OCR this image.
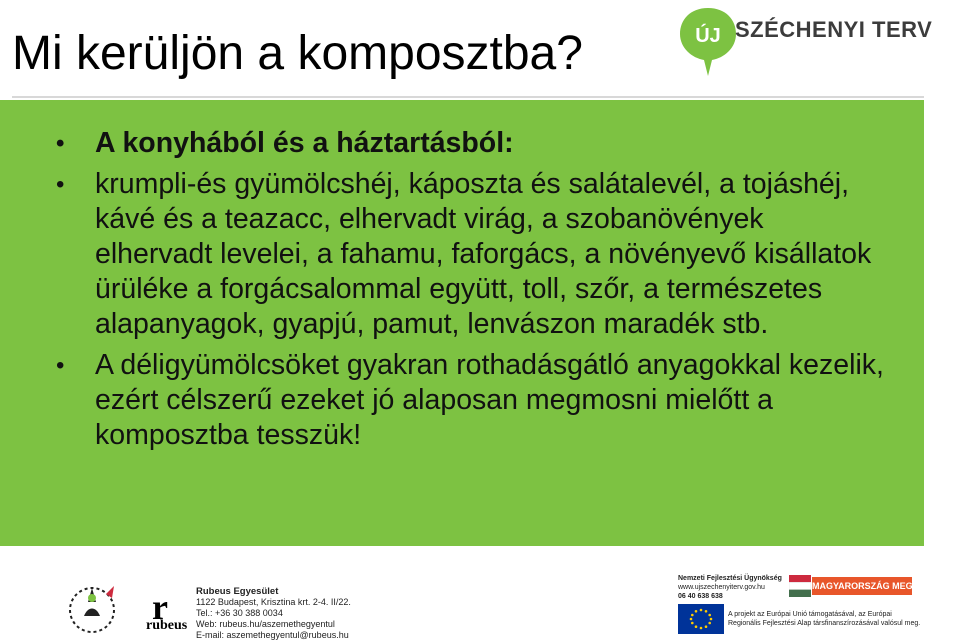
Mi kerüljön a komposztba?	ÚJ SZÉCHENYI TERV
• A konyhából és a háztartásból:
• krumpli-és gyümölcshéj, káposzta és salátalevél, a tojáshéj, kávé és a teazacc, elhervadt virág, a szobanövények elhervadt levelei, a fahamu, faforgács, a növényevő kisállatok ürüléke a forgácsalommal együtt, toll, szőr, a természetes alapanyagok, gyapjú, pamut, lenvászon maradék stb.
• A déligyümölcsöket gyakran rothadásgátló anyagokkal kezelik, ezért célszerű ezeket jó alaposan megmosni mielőtt a komposztba tesszük!
r
rubeus
Rubeus Egyesület
1122 Budapest, Krisztina krt. 2-4. II/22.
Tel.: +36 30 388 0034
Web: rubeus.hu/aszemethegyentul
E-mail: aszemethegyentul@rubeus.hu
Nemzeti Fejlesztési Ügynökség
www.ujszechenyiterv.gov.hu
06 40 638 638
MAGYARORSZÁG MEGÚJUL
A projekt az Európai Unió támogatásával, az Európai
Regionális Fejlesztési Alap társfinanszírozásával valósul meg.
